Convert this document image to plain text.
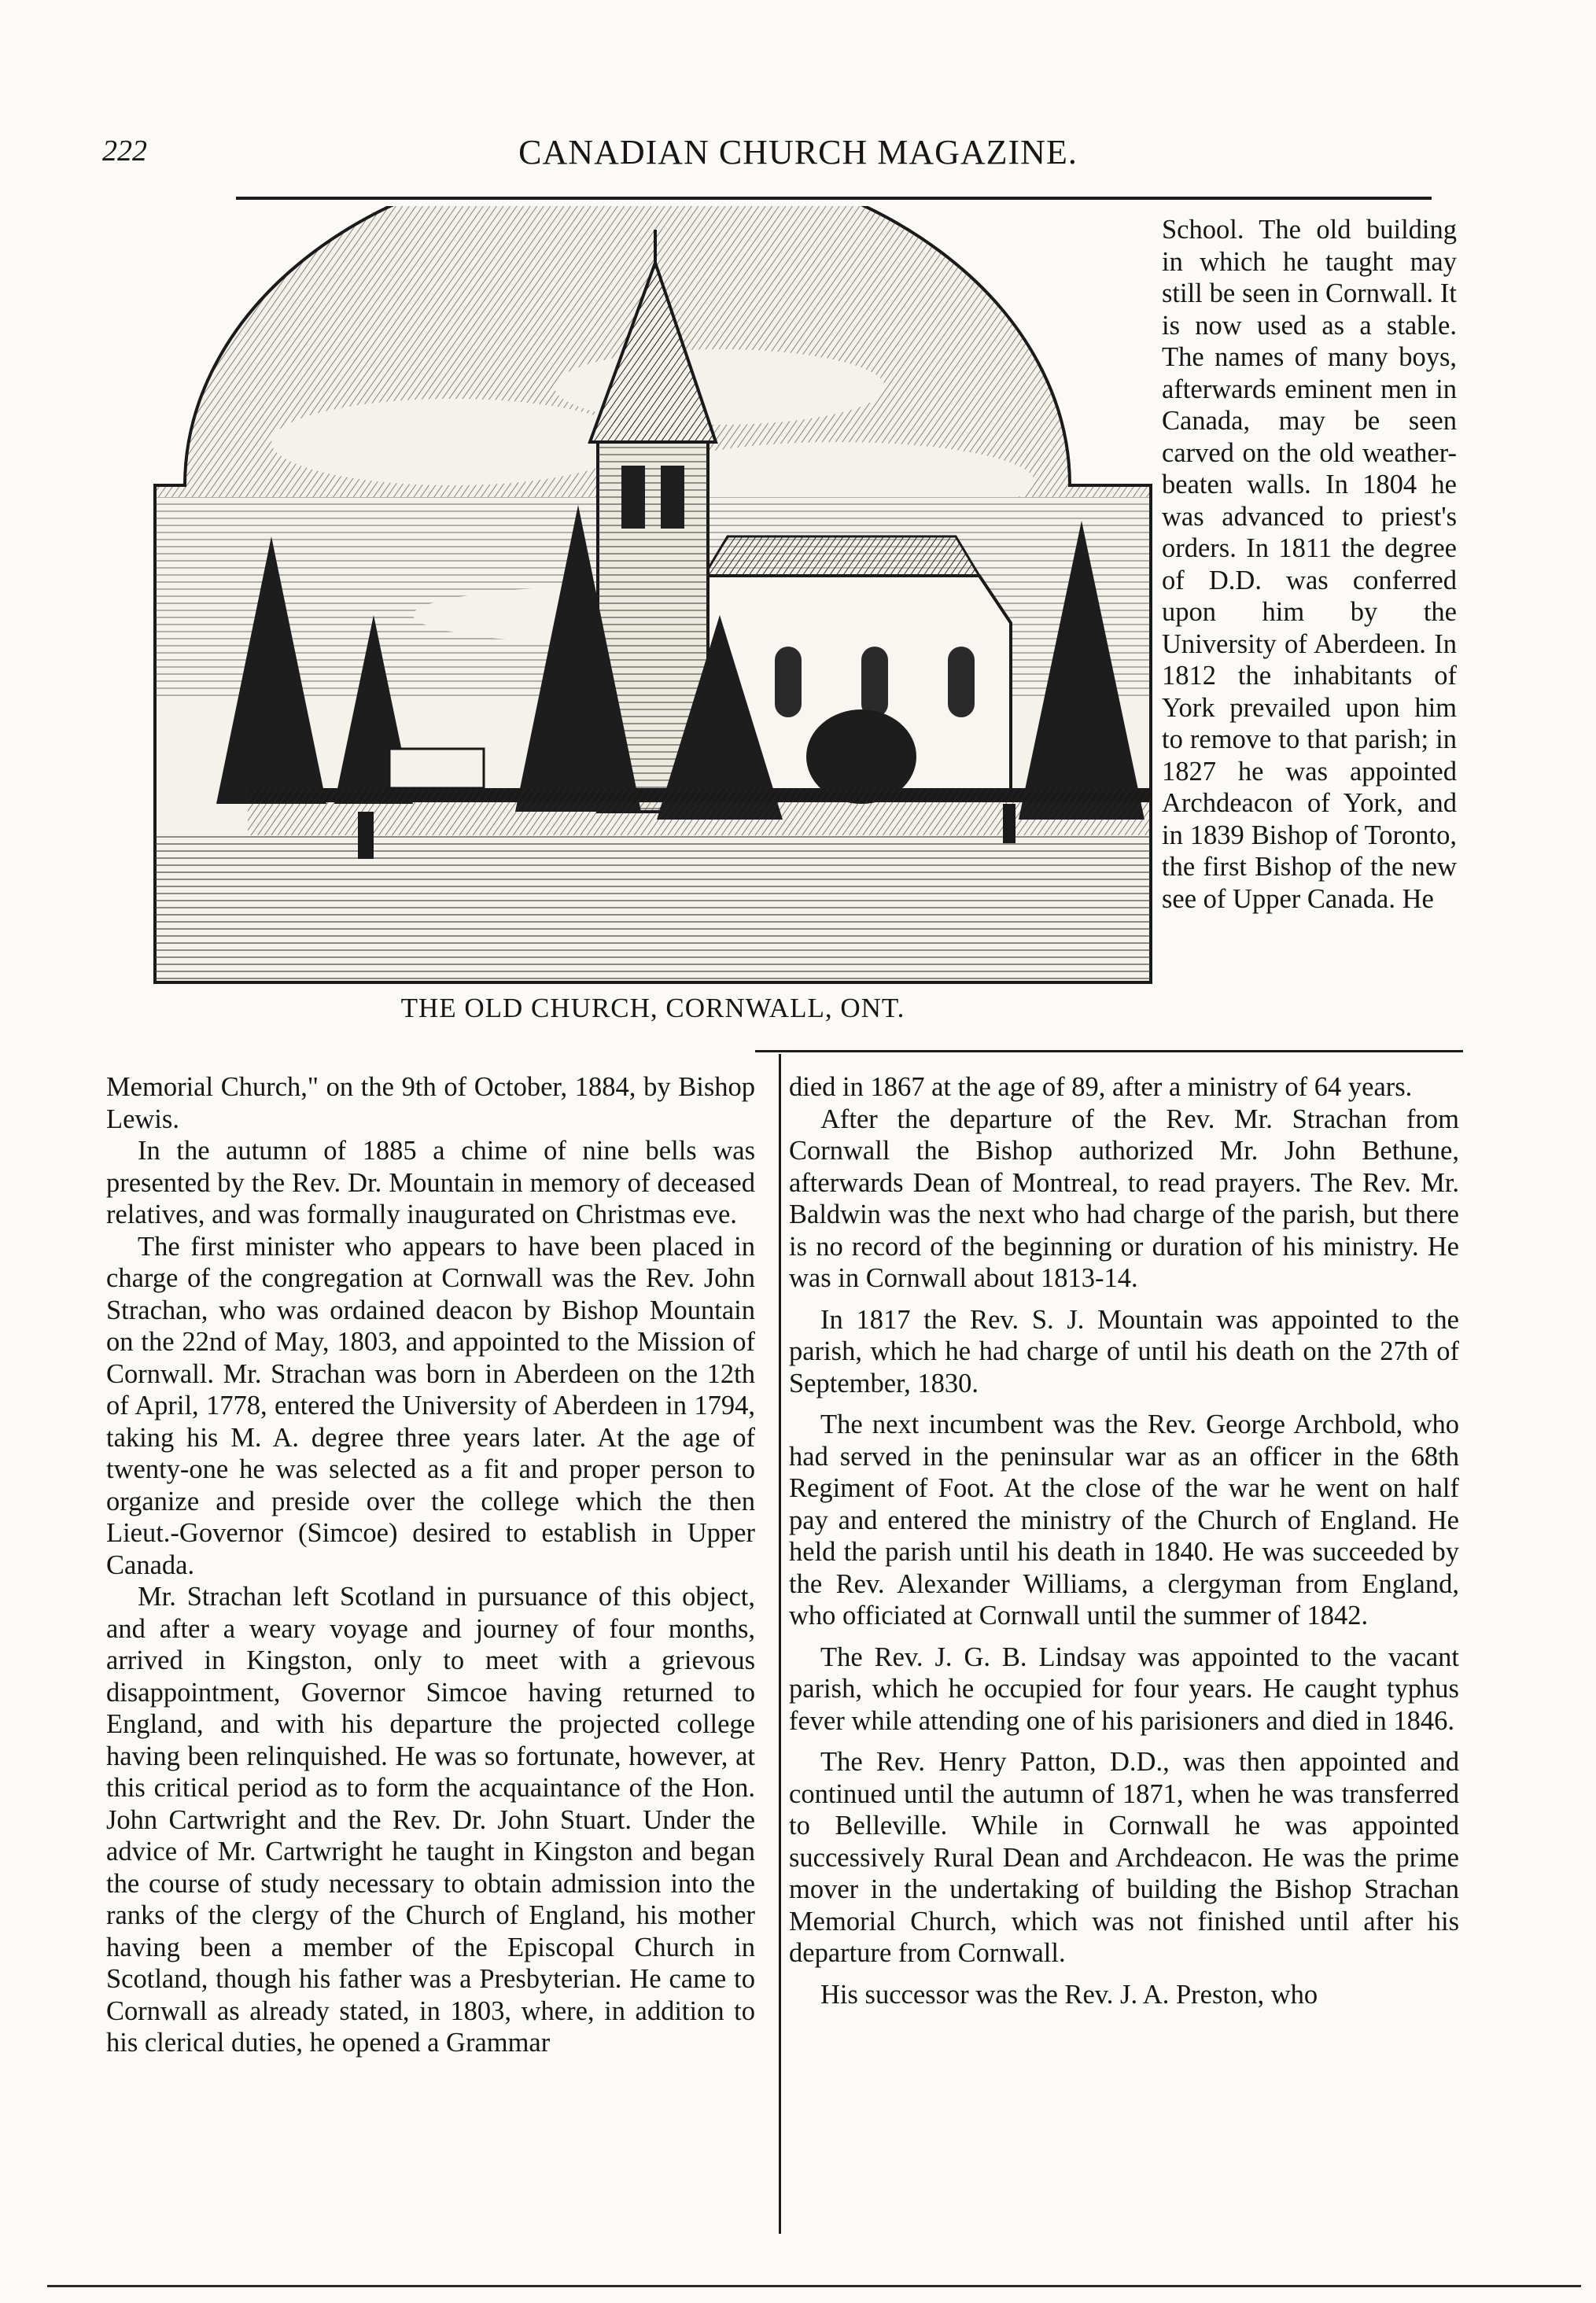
222	CANADIAN CHURCH MAGAZINE.
THE OLD CHURCH, CORNWALL, ONT.

School. The old building in which he taught may still be seen in Cornwall. It is now used as a stable. The names of many boys, afterwards eminent men in Canada, may be seen carved on the old weather-beaten walls. In 1804 he was advanced to priest's orders. In 1811 the degree of D.D. was conferred upon him by the University of Aberdeen. In 1812 the inhabitants of York prevailed upon him to remove to that parish; in 1827 he was appointed Archdeacon of York, and in 1839 Bishop of Toronto, the first Bishop of the new see of Upper Canada. He

Memorial Church," on the 9th of October, 1884, by Bishop Lewis.

In the autumn of 1885 a chime of nine bells was presented by the Rev. Dr. Mountain in memory of deceased relatives, and was formally inaugurated on Christmas eve.

The first minister who appears to have been placed in charge of the congregation at Cornwall was the Rev. John Strachan, who was ordained deacon by Bishop Mountain on the 22nd of May, 1803, and appointed to the Mission of Cornwall. Mr. Strachan was born in Aberdeen on the 12th of April, 1778, entered the University of Aberdeen in 1794, taking his M. A. degree three years later. At the age of twenty-one he was selected as a fit and proper person to organize and preside over the college which the then Lieut.-Governor (Simcoe) desired to establish in Upper Canada.

Mr. Strachan left Scotland in pursuance of this object, and after a weary voyage and journey of four months, arrived in Kingston, only to meet with a grievous disappointment, Governor Simcoe having returned to England, and with his departure the projected college having been relinquished. He was so fortunate, however, at this critical period as to form the acquaintance of the Hon. John Cartwright and the Rev. Dr. John Stuart. Under the advice of Mr. Cartwright he taught in Kingston and began the course of study necessary to obtain admission into the ranks of the clergy of the Church of England, his mother having been a member of the Episcopal Church in Scotland, though his father was a Presbyterian. He came to Cornwall as already stated, in 1803, where, in addition to his clerical duties, he opened a Grammar

died in 1867 at the age of 89, after a ministry of 64 years.

After the departure of the Rev. Mr. Strachan from Cornwall the Bishop authorized Mr. John Bethune, afterwards Dean of Montreal, to read prayers. The Rev. Mr. Baldwin was the next who had charge of the parish, but there is no record of the beginning or duration of his ministry. He was in Cornwall about 1813-14.

In 1817 the Rev. S. J. Mountain was appointed to the parish, which he had charge of until his death on the 27th of September, 1830.

The next incumbent was the Rev. George Archbold, who had served in the peninsular war as an officer in the 68th Regiment of Foot. At the close of the war he went on half pay and entered the ministry of the Church of England. He held the parish until his death in 1840. He was succeeded by the Rev. Alexander Williams, a clergyman from England, who officiated at Cornwall until the summer of 1842.

The Rev. J. G. B. Lindsay was appointed to the vacant parish, which he occupied for four years. He caught typhus fever while attending one of his parisioners and died in 1846.

The Rev. Henry Patton, D.D., was then appointed and continued until the autumn of 1871, when he was transferred to Belleville. While in Cornwall he was appointed successively Rural Dean and Archdeacon. He was the prime mover in the undertaking of building the Bishop Strachan Memorial Church, which was not finished until after his departure from Cornwall.

His successor was the Rev. J. A. Preston, who
